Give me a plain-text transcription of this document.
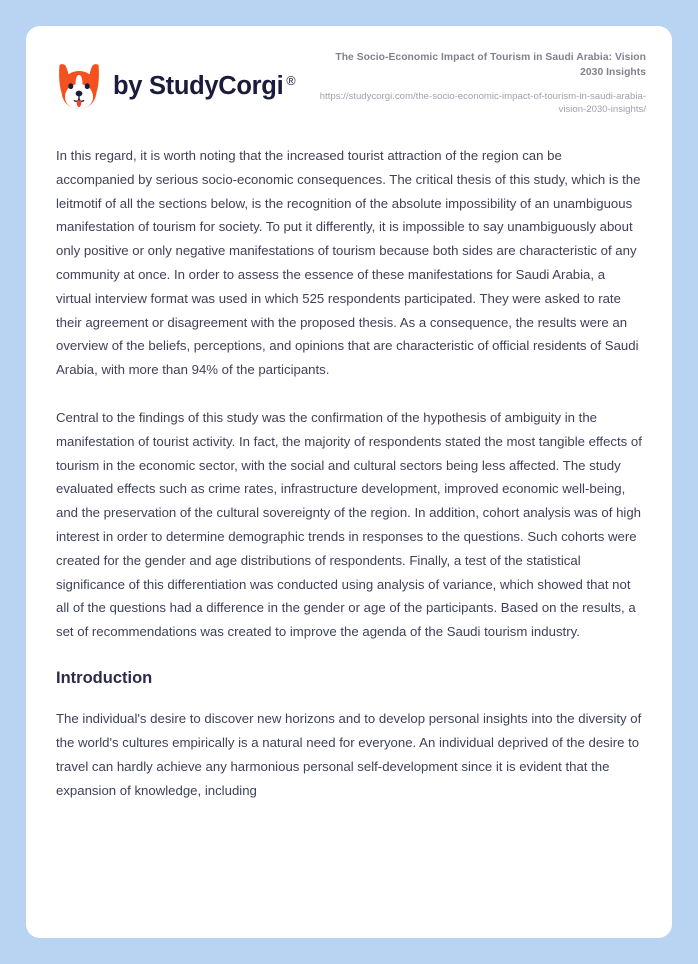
by StudyCorgi ®
The Socio-Economic Impact of Tourism in Saudi Arabia: Vision 2030 Insights
https://studycorgi.com/the-socio-economic-impact-of-tourism-in-saudi-arabia-vision-2030-insights/

In this regard, it is worth noting that the increased tourist attraction of the region can be accompanied by serious socio-economic consequences. The critical thesis of this study, which is the leitmotif of all the sections below, is the recognition of the absolute impossibility of an unambiguous manifestation of tourism for society. To put it differently, it is impossible to say unambiguously about only positive or only negative manifestations of tourism because both sides are characteristic of any community at once. In order to assess the essence of these manifestations for Saudi Arabia, a virtual interview format was used in which 525 respondents participated. They were asked to rate their agreement or disagreement with the proposed thesis. As a consequence, the results were an overview of the beliefs, perceptions, and opinions that are characteristic of official residents of Saudi Arabia, with more than 94% of the participants.

Central to the findings of this study was the confirmation of the hypothesis of ambiguity in the manifestation of tourist activity. In fact, the majority of respondents stated the most tangible effects of tourism in the economic sector, with the social and cultural sectors being less affected. The study evaluated effects such as crime rates, infrastructure development, improved economic well-being, and the preservation of the cultural sovereignty of the region. In addition, cohort analysis was of high interest in order to determine demographic trends in responses to the questions. Such cohorts were created for the gender and age distributions of respondents. Finally, a test of the statistical significance of this differentiation was conducted using analysis of variance, which showed that not all of the questions had a difference in the gender or age of the participants. Based on the results, a set of recommendations was created to improve the agenda of the Saudi tourism industry.

Introduction

The individual's desire to discover new horizons and to develop personal insights into the diversity of the world's cultures empirically is a natural need for everyone. An individual deprived of the desire to travel can hardly achieve any harmonious personal self-development since it is evident that the expansion of knowledge, including
